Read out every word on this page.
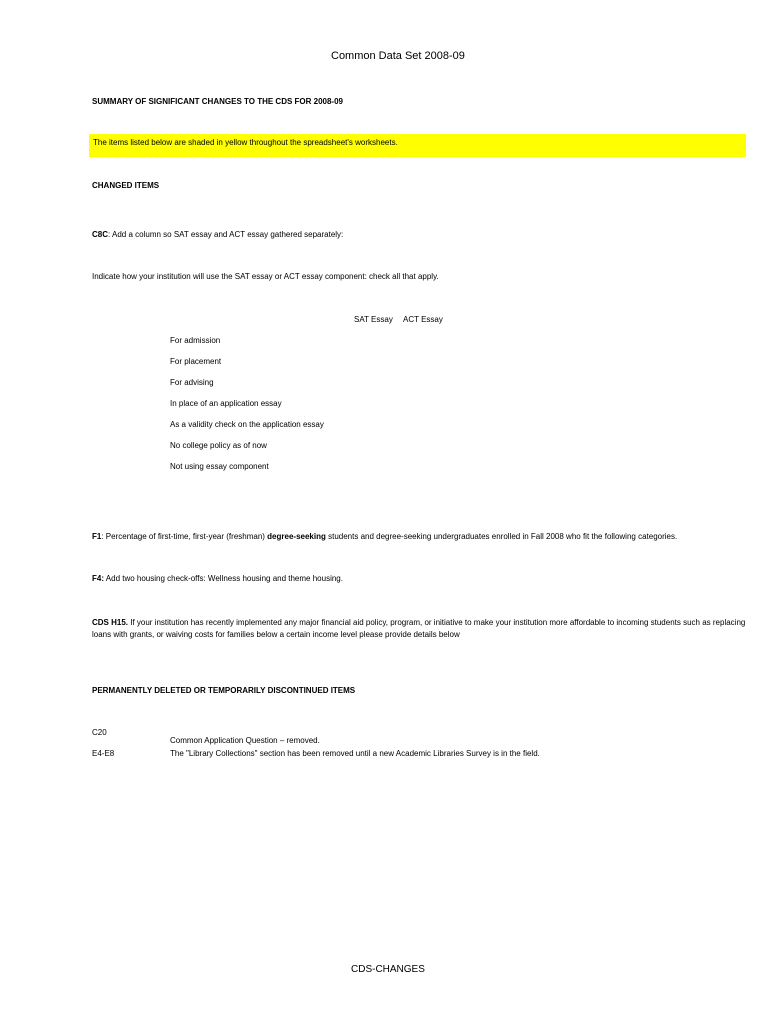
Common Data Set 2008-09
SUMMARY OF SIGNIFICANT CHANGES TO THE CDS FOR 2008-09
The items listed below are shaded in yellow throughout the spreadsheet's worksheets.
CHANGED ITEMS
C8C: Add a column so SAT essay and ACT essay gathered separately:
Indicate how your institution will use the SAT essay or ACT essay component: check all that apply.
SAT Essay ACT Essay
For admission
For placement
For advising
In place of an application essay
As a validity check on the application essay
No college policy as of now
Not using essay component
F1: Percentage of first-time, first-year (freshman) degree-seeking students and degree-seeking undergraduates enrolled in Fall 2008 who fit the following categories.
F4: Add two housing check-offs: Wellness housing and theme housing.
CDS H15. If your institution has recently implemented any major financial aid policy, program, or initiative to make your institution more affordable to incoming students such as replacing loans with grants, or waiving costs for families below a certain income level please provide details below
PERMANENTLY DELETED OR TEMPORARILY DISCONTINUED ITEMS
C20
Common Application Question – removed.
E4-E8	The "Library Collections" section has been removed until a new Academic Libraries Survey is in the field.
CDS-CHANGES
